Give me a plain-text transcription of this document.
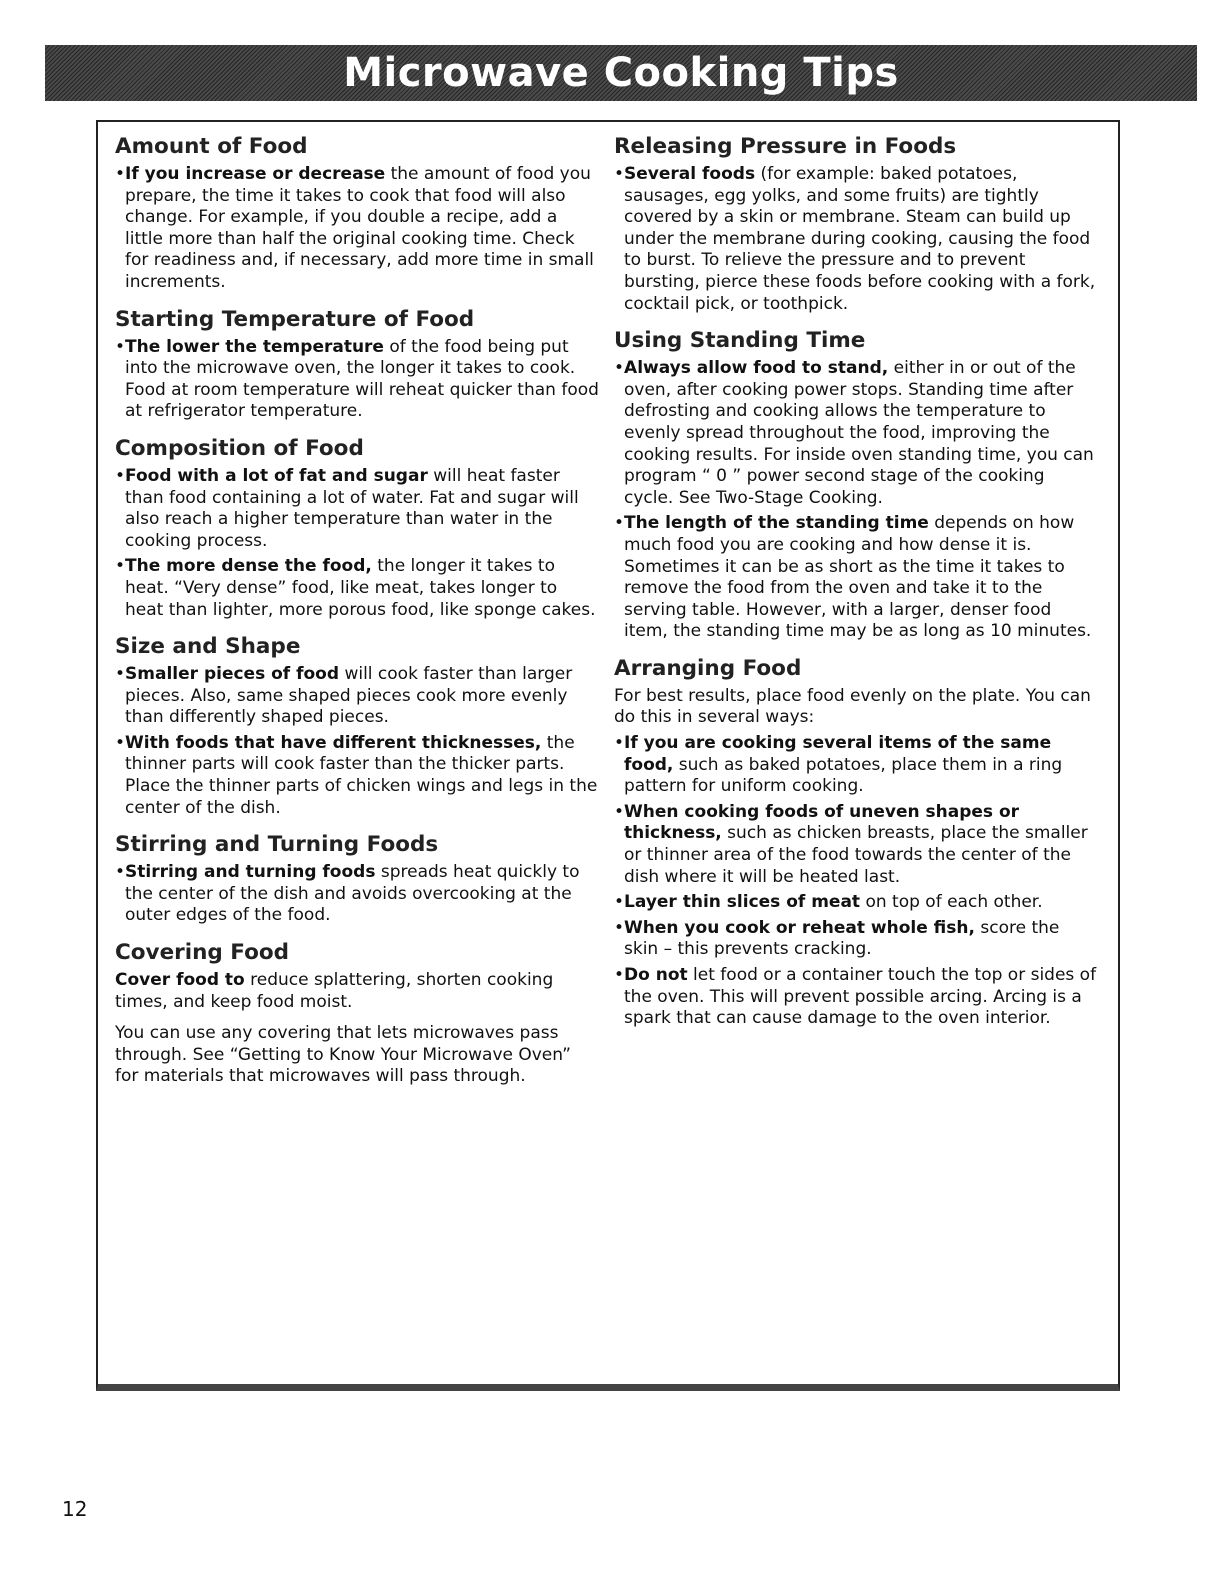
Microwave Cooking Tips
Amount of Food

•If you increase or decrease the amount of food you prepare, the time it takes to cook that food will also change. For example, if you double a recipe, add a little more than half the original cooking time. Check for readiness and, if necessary, add more time in small increments.

Starting Temperature of Food

•The lower the temperature of the food being put into the microwave oven, the longer it takes to cook. Food at room temperature will reheat quicker than food at refrigerator temperature.

Composition of Food

•Food with a lot of fat and sugar will heat faster than food containing a lot of water. Fat and sugar will also reach a higher temperature than water in the cooking process.

•The more dense the food, the longer it takes to heat. “Very dense” food, like meat, takes longer to heat than lighter, more porous food, like sponge cakes.

Size and Shape

•Smaller pieces of food will cook faster than larger pieces. Also, same shaped pieces cook more evenly than differently shaped pieces.

•With foods that have different thicknesses, the thinner parts will cook faster than the thicker parts. Place the thinner parts of chicken wings and legs in the center of the dish.

Stirring and Turning Foods

•Stirring and turning foods spreads heat quickly to the center of the dish and avoids overcooking at the outer edges of the food.

Covering Food

Cover food to reduce splattering, shorten cooking times, and keep food moist.

You can use any covering that lets microwaves pass through. See “Getting to Know Your Microwave Oven” for materials that microwaves will pass through.

Releasing Pressure in Foods

•Several foods (for example: baked potatoes, sausages, egg yolks, and some fruits) are tightly covered by a skin or membrane. Steam can build up under the membrane during cooking, causing the food to burst. To relieve the pressure and to prevent bursting, pierce these foods before cooking with a fork, cocktail pick, or toothpick.

Using Standing Time

•Always allow food to stand, either in or out of the oven, after cooking power stops. Standing time after defrosting and cooking allows the temperature to evenly spread throughout the food, improving the cooking results. For inside oven standing time, you can program “ 0 ” power second stage of the cooking cycle. See Two-Stage Cooking.

•The length of the standing time depends on how much food you are cooking and how dense it is. Sometimes it can be as short as the time it takes to remove the food from the oven and take it to the serving table. However, with a larger, denser food item, the standing time may be as long as 10 minutes.

Arranging Food

For best results, place food evenly on the plate. You can do this in several ways:

•If you are cooking several items of the same food, such as baked potatoes, place them in a ring pattern for uniform cooking.

•When cooking foods of uneven shapes or thickness, such as chicken breasts, place the smaller or thinner area of the food towards the center of the dish where it will be heated last.

•Layer thin slices of meat on top of each other.

•When you cook or reheat whole fish, score the skin – this prevents cracking.

•Do not let food or a container touch the top or sides of the oven. This will prevent possible arcing. Arcing is a spark that can cause damage to the oven interior.

12
